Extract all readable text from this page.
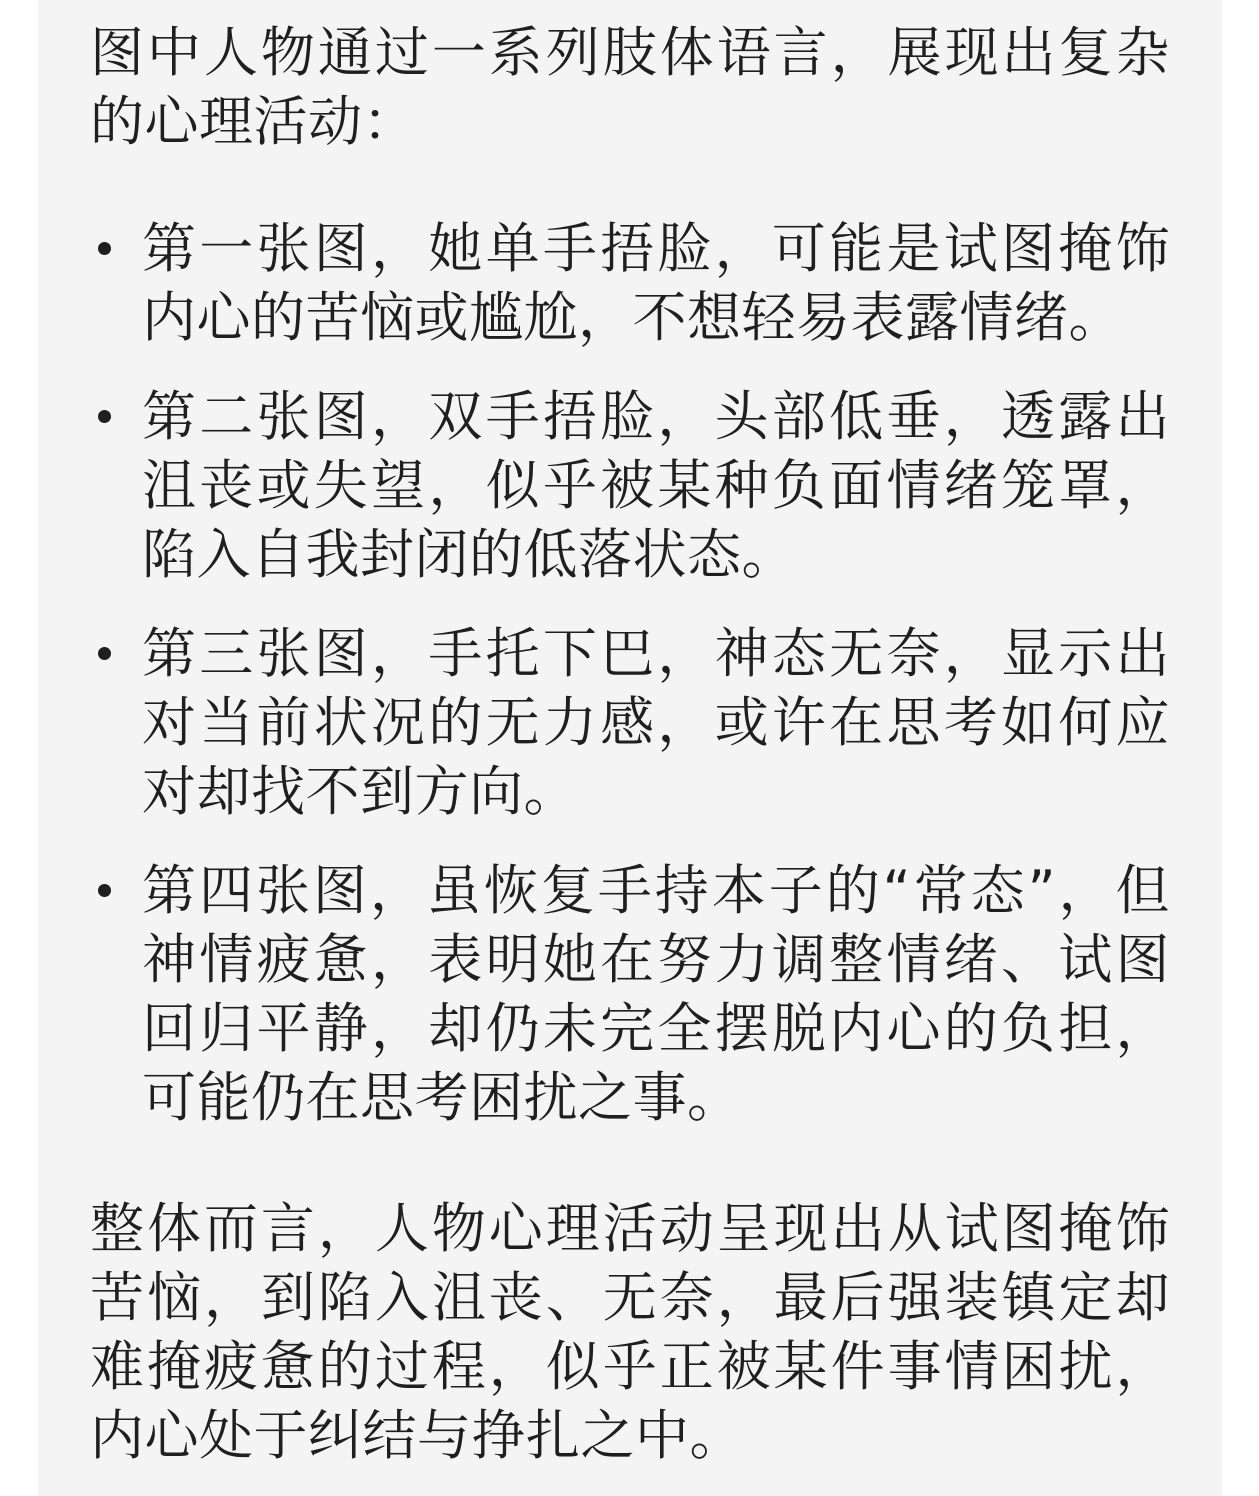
图中人物通过一系列肢体语言，展现出复杂的心理活动：

第一张图，她单手捂脸，可能是试图掩饰内心的苦恼或尴尬，不想轻易表露情绪。
第二张图，双手捂脸，头部低垂，透露出沮丧或失望，似乎被某种负面情绪笼罩，陷入自我封闭的低落状态。
第三张图，手托下巴，神态无奈，显示出对当前状况的无力感，或许在思考如何应对却找不到方向。
第四张图，虽恢复手持本子的“常态”，但神情疲惫，表明她在努力调整情绪、试图回归平静，却仍未完全摆脱内心的负担，可能仍在思考困扰之事。

整体而言，人物心理活动呈现出从试图掩饰苦恼，到陷入沮丧、无奈，最后强装镇定却难掩疲惫的过程，似乎正被某件事情困扰，内心处于纠结与挣扎之中。
